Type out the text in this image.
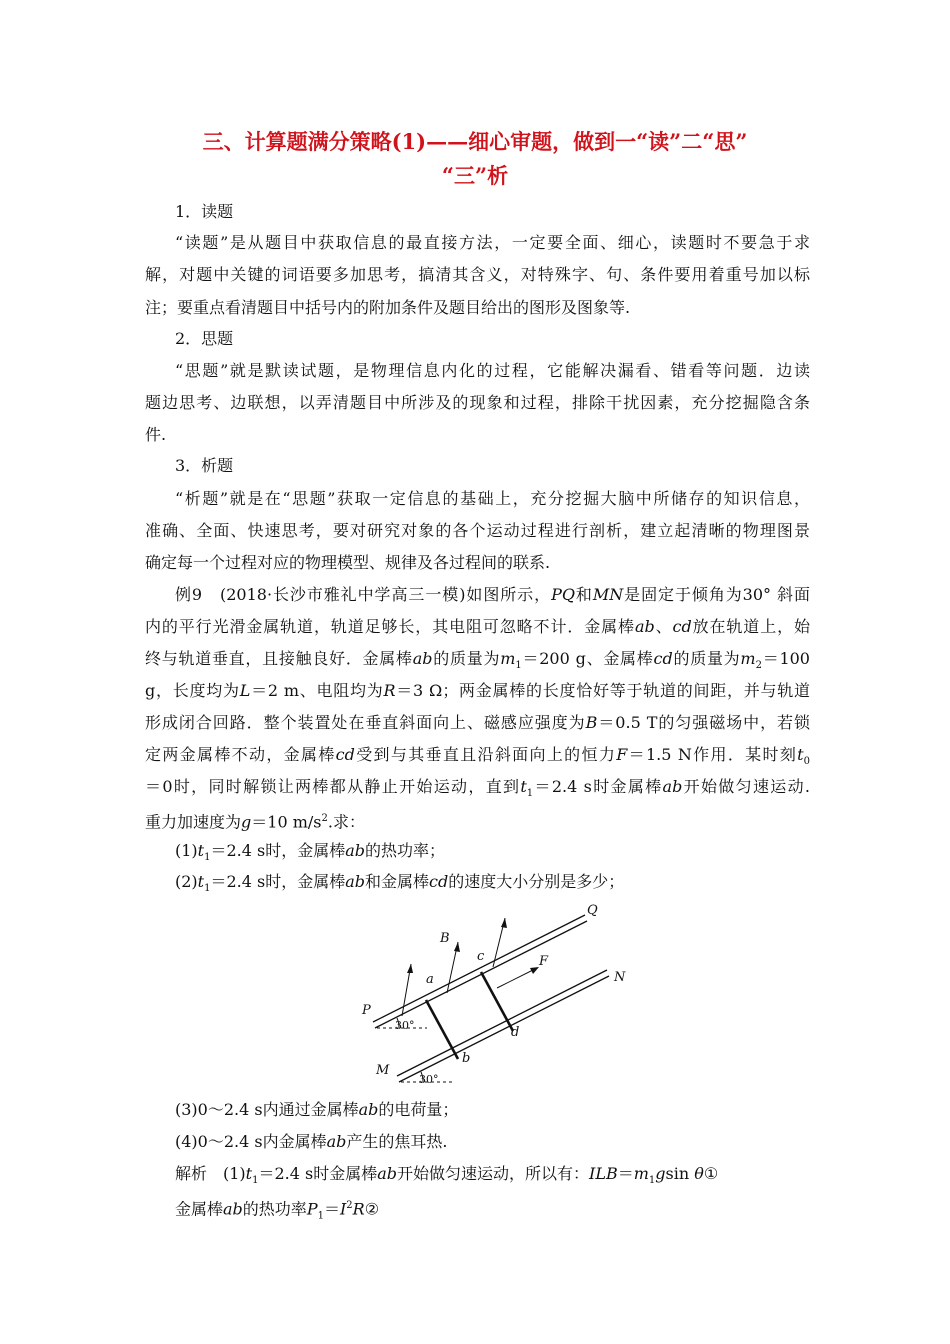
三、计算题满分策略(1)——细心审题，做到一“读”二“思”
“三”析
1．读题
“读题”是从题目中获取信息的最直接方法，一定要全面、细心，读题时不要急于求
解，对题中关键的词语要多加思考，搞清其含义，对特殊字、句、条件要用着重号加以标
注；要重点看清题目中括号内的附加条件及题目给出的图形及图象等.
2．思题
“思题”就是默读试题，是物理信息内化的过程，它能解决漏看、错看等问题．边读
题边思考、边联想，以弄清题目中所涉及的现象和过程，排除干扰因素，充分挖掘隐含条
件.
3．析题
“析题”就是在“思题”获取一定信息的基础上，充分挖掘大脑中所储存的知识信息，
准确、全面、快速思考，要对研究对象的各个运动过程进行剖析，建立起清晰的物理图景
确定每一个过程对应的物理模型、规律及各过程间的联系.
例9　(2018·长沙市雅礼中学高三一模)如图所示，PQ和MN是固定于倾角为30° 斜面
内的平行光滑金属轨道，轨道足够长，其电阻可忽略不计．金属棒ab、cd放在轨道上，始
终与轨道垂直，且接触良好．金属棒ab的质量为$m_1=200$ g、金属棒cd的质量为$m_2=100$
g，长度均为L＝2 m、电阻均为R＝3 Ω；两金属棒的长度恰好等于轨道的间距，并与轨道
形成闭合回路．整个装置处在垂直斜面向上、磁感应强度为B＝0.5 T的匀强磁场中，若锁
定两金属棒不动，金属棒cd受到与其垂直且沿斜面向上的恒力F＝1.5 N作用．某时刻$t_0$
＝0时，同时解锁让两棒都从静止开始运动，直到$t_1=2.4$ s时金属棒ab开始做匀速运动.
重力加速度为g＝10 $m/s^2$.求：
$(1)t_1=2.4$ s时，金属棒ab的热功率；
$(2)t_1=2.4$ s时，金属棒ab和金属棒cd的速度大小分别是多少；
Q
N
P
M
B
F
a
b
c
d
30°
30°
(3)0～2.4 s内通过金属棒ab的电荷量；
(4)0～2.4 s内金属棒ab产生的焦耳热.
解析　$(1)t_1=2.4$ s时金属棒ab开始做匀速运动，所以有：$ILB=m_1gsin$ θ①
金属棒ab的热功率$P_1=I^2R②$
